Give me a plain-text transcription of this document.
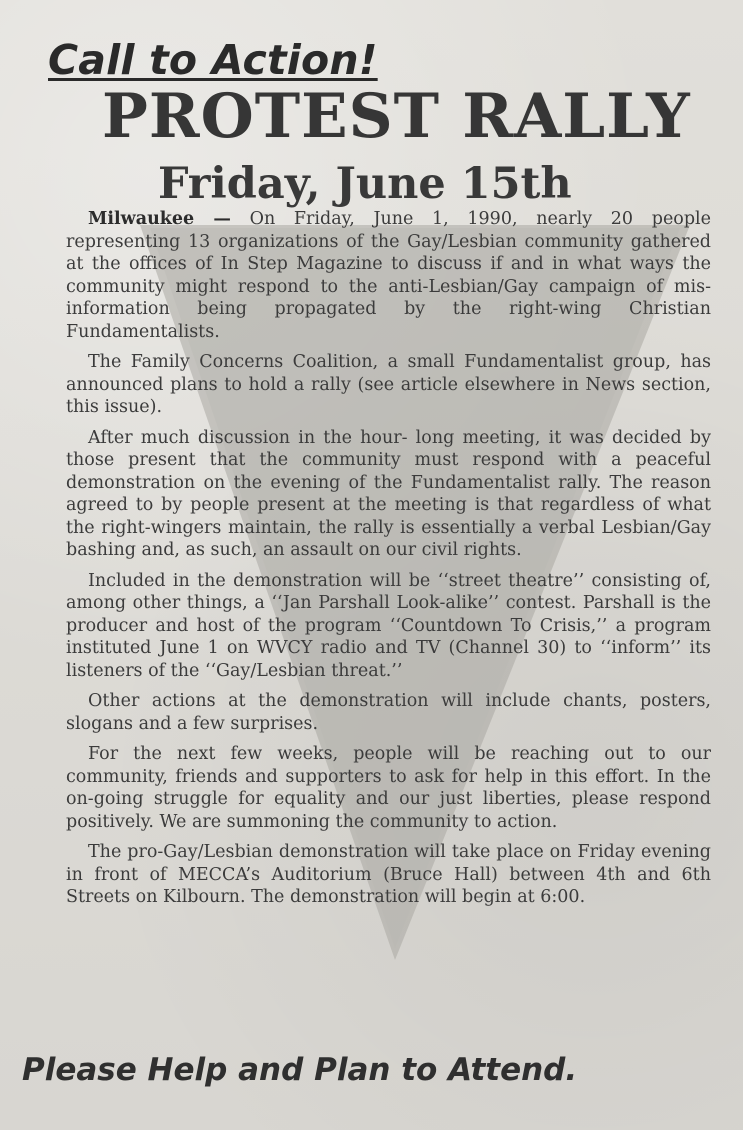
Call to Action!
PROTEST RALLY
Friday, June 15th

Milwaukee — On Friday, June 1, 1990, nearly 20 people representing 13 organizations of the Gay/Lesbian community gathered at the offices of In Step Magazine to discuss if and in what ways the community might respond to the anti-Lesbian/Gay campaign of mis-information being propagated by the right-wing Christian Fundamentalists.

The Family Concerns Coalition, a small Fundamentalist group, has announced plans to hold a rally (see article elsewhere in News section, this issue).

After much discussion in the hour- long meeting, it was decided by those present that the community must respond with a peaceful demonstration on the evening of the Fundamentalist rally. The reason agreed to by people present at the meeting is that regardless of what the right-wingers maintain, the rally is essentially a verbal Lesbian/Gay bashing and, as such, an assault on our civil rights.

Included in the demonstration will be ‘‘street theatre’’ consisting of, among other things, a ‘‘Jan Parshall Look-alike’’ contest. Parshall is the producer and host of the program ‘‘Countdown To Crisis,’’ a program instituted June 1 on WVCY radio and TV (Channel 30) to ‘‘inform’’ its listeners of the ‘‘Gay/Lesbian threat.’’

Other actions at the demonstration will include chants, posters, slogans and a few surprises.

For the next few weeks, people will be reaching out to our community, friends and supporters to ask for help in this effort. In the on-going struggle for equality and our just liberties, please respond positively. We are summoning the community to action.

The pro-Gay/Lesbian demonstration will take place on Friday evening in front of MECCA’s Auditorium (Bruce Hall) between 4th and 6th Streets on Kilbourn. The demonstration will begin at 6:00.

Please Help and Plan to Attend.
